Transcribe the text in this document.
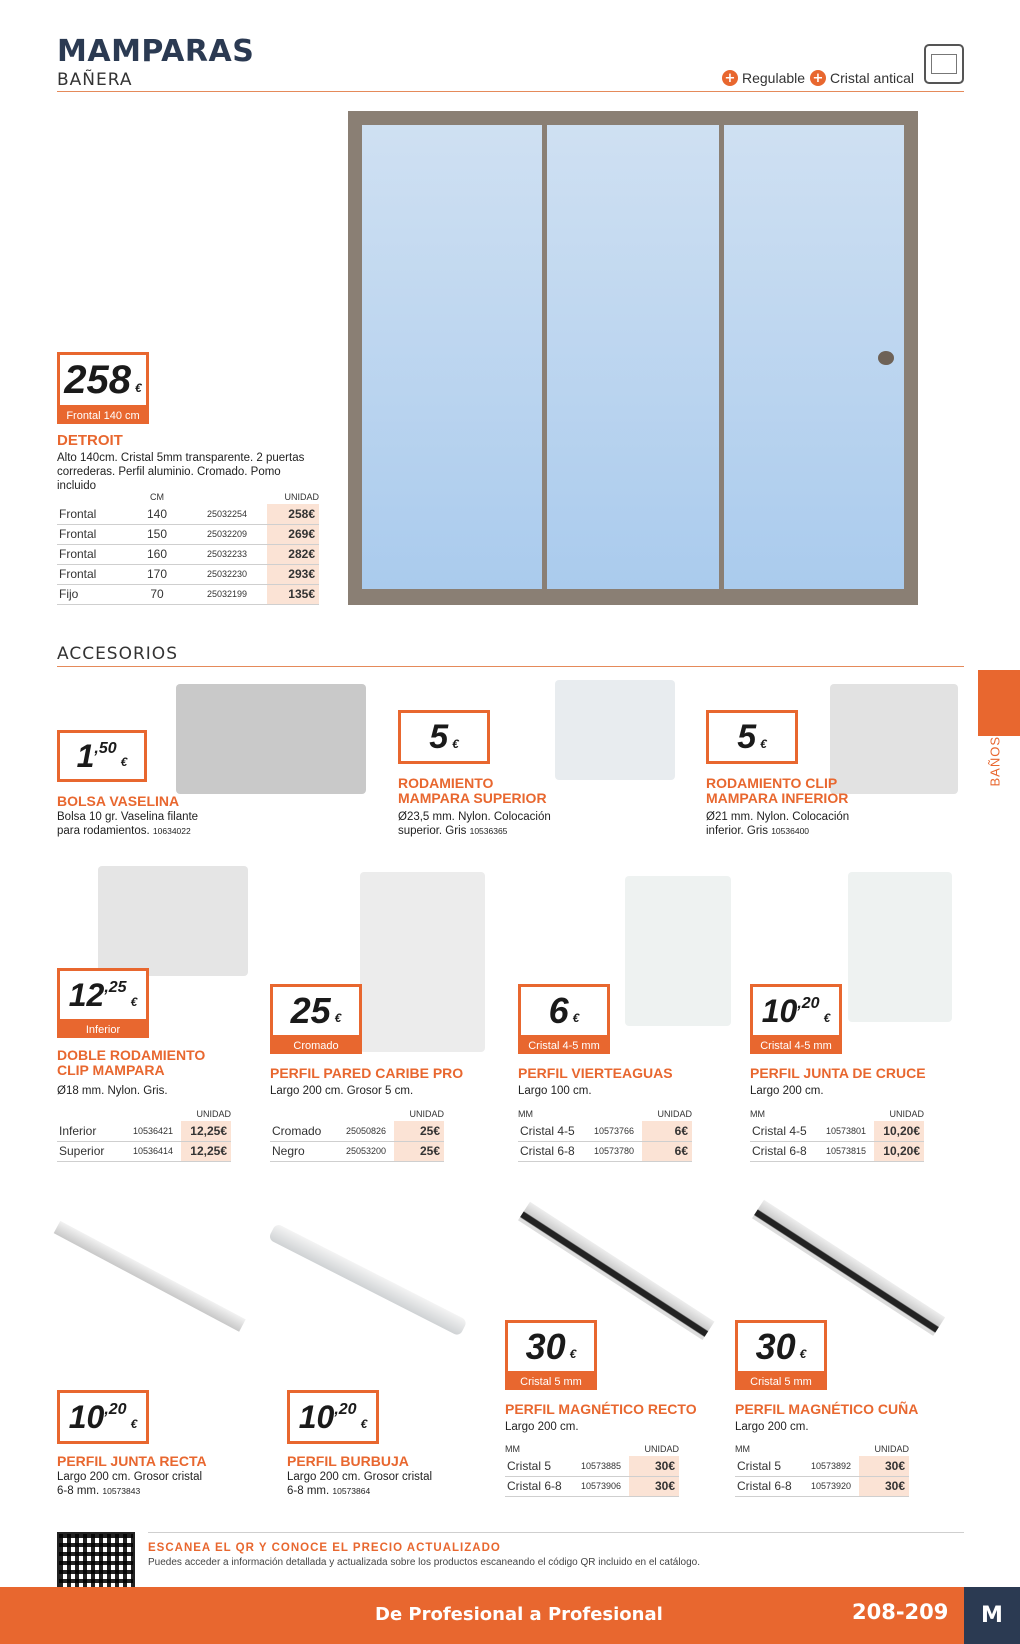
MAMPARAS
BAÑERA	+ Regulable + Cristal antical
258 €
Frontal 140 cm
DETROIT
Alto 140cm. Cristal 5mm transparente. 2 puertas correderas. Perfil aluminio. Cromado. Pomo incluido
	CM		UNIDAD
Frontal	140	25032254	258€
Frontal	150	25032209	269€
Frontal	160	25032233	282€
Frontal	170	25032230	293€
Fijo	70	25032199	135€
ACCESORIOS
BAÑOS
$1^{,50}$
€
BOLSA VASELINA
Bolsa 10 gr. Vaselina filante para rodamientos. 10634022
5 €
RODAMIENTO MAMPARA SUPERIOR
Ø23,5 mm. Nylon. Colocación superior. Gris 10536365
5 €
RODAMIENTO CLIP MAMPARA INFERIOR
Ø21 mm. Nylon. Colocación inferior. Gris 10536400
$12^{,25}$
€
Inferior
DOBLE RODAMIENTO CLIP MAMPARA
Ø18 mm. Nylon. Gris.
		UNIDAD
Inferior	10536421	12,25€
Superior	10536414	12,25€
25 €
Cromado
PERFIL PARED CARIBE PRO
Largo 200 cm. Grosor 5 cm.
		UNIDAD
Cromado	25050826	25€
Negro	25053200	25€
6 €
Cristal 4-5 mm
PERFIL VIERTEAGUAS
Largo 100 cm.
MM		UNIDAD
Cristal 4-5	10573766	6€
Cristal 6-8	10573780	6€
$10^{,20}$
€
Cristal 4-5 mm
PERFIL JUNTA DE CRUCE
Largo 200 cm.
MM		UNIDAD
Cristal 4-5	10573801	10,20€
Cristal 6-8	10573815	10,20€
$10^{,20}$
€
PERFIL JUNTA RECTA
Largo 200 cm. Grosor cristal 6-8 mm. 10573843
$10^{,20}$
€
PERFIL BURBUJA
Largo 200 cm. Grosor cristal 6-8 mm. 10573864
30 €
Cristal 5 mm
PERFIL MAGNÉTICO RECTO
Largo 200 cm.
MM		UNIDAD
Cristal 5	10573885	30€
Cristal 6-8	10573906	30€
30 €
Cristal 5 mm
PERFIL MAGNÉTICO CUÑA
Largo 200 cm.
MM		UNIDAD
Cristal 5	10573892	30€
Cristal 6-8	10573920	30€
ESCANEA EL QR Y CONOCE EL PRECIO ACTUALIZADO
Puedes acceder a información detallada y actualizada sobre los productos escaneando el código QR incluido en el catálogo.
De Profesional a Profesional	208-209	M
